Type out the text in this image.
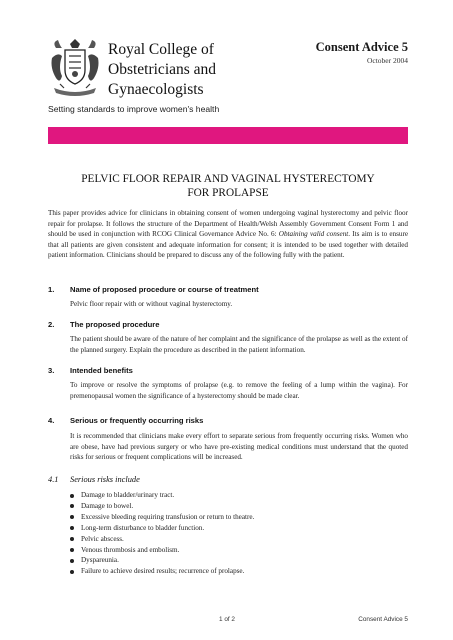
Royal College of
Obstetricians and
Gynaecologists
Setting standards to improve women's health
Consent Advice 5
October 2004
PELVIC FLOOR REPAIR AND VAGINAL HYSTERECTOMY
FOR PROLAPSE
This paper provides advice for clinicians in obtaining consent of women undergoing vaginal hysterectomy and pelvic floor repair for prolapse. It follows the structure of the Department of Health/Welsh Assembly Government Consent Form 1 and should be used in conjunction with RCOG Clinical Governance Advice No. 6: Obtaining valid consent. Its aim is to ensure that all patients are given consistent and adequate information for consent; it is intended to be used together with detailed patient information. Clinicians should be prepared to discuss any of the following fully with the patient.
1. Name of proposed procedure or course of treatment
Pelvic floor repair with or without vaginal hysterectomy.
2. The proposed procedure
The patient should be aware of the nature of her complaint and the significance of the prolapse as well as the extent of the planned surgery. Explain the procedure as described in the patient information.
3. Intended benefits
To improve or resolve the symptoms of prolapse (e.g. to remove the feeling of a lump within the vagina). For premenopausal women the significance of a hysterectomy should be made clear.
4. Serious or frequently occurring risks
It is recommended that clinicians make every effort to separate serious from frequently occurring risks. Women who are obese, have had previous surgery or who have pre-existing medical conditions must understand that the quoted risks for serious or frequent complications will be increased.
4.1 Serious risks include
Damage to bladder/urinary tract.
Damage to bowel.
Excessive bleeding requiring transfusion or return to theatre.
Long-term disturbance to bladder function.
Pelvic abscess.
Venous thrombosis and embolism.
Dyspareunia.
Failure to achieve desired results; recurrence of prolapse.
1 of 2	Consent Advice 5
